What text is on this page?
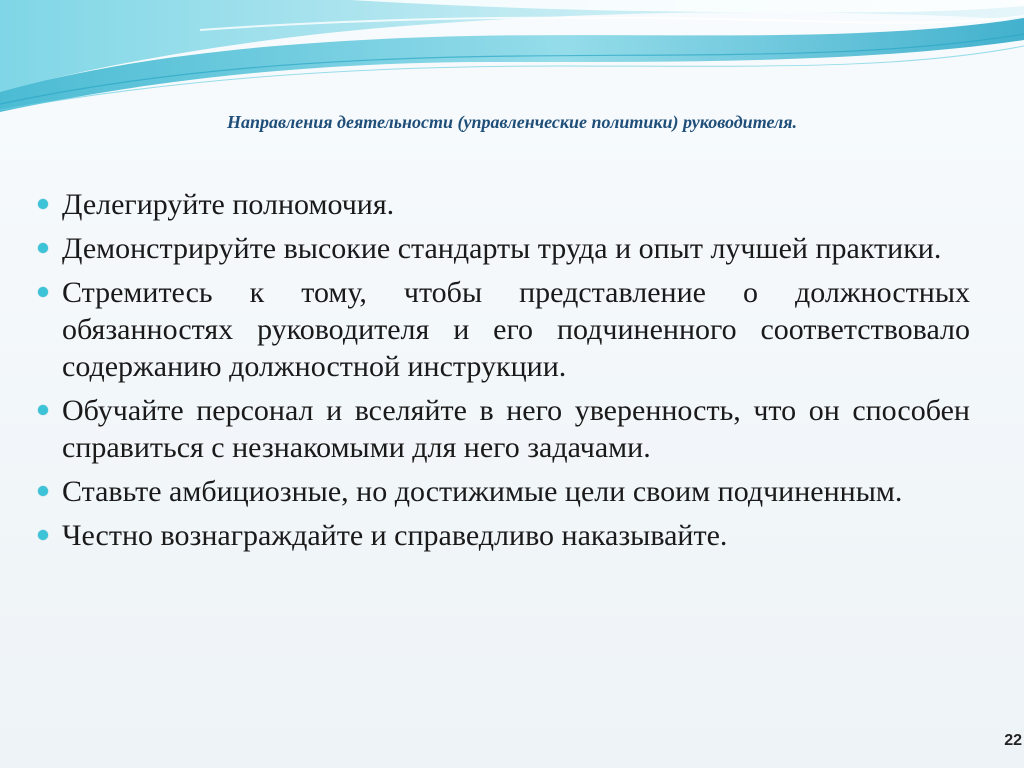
Направления деятельности (управленческие политики) руководителя.
Делегируйте полномочия.
Демонстрируйте высокие стандарты труда и опыт лучшей практики.
Стремитесь к тому, чтобы представление о должностных обязанностях руководителя и его подчиненного соответствовало содержанию должностной инструкции.
Обучайте персонал и вселяйте в него уверенность, что он способен справиться с незнакомыми для него задачами.
Ставьте амбициозные, но достижимые цели своим подчиненным.
Честно вознаграждайте и справедливо наказывайте.
22
